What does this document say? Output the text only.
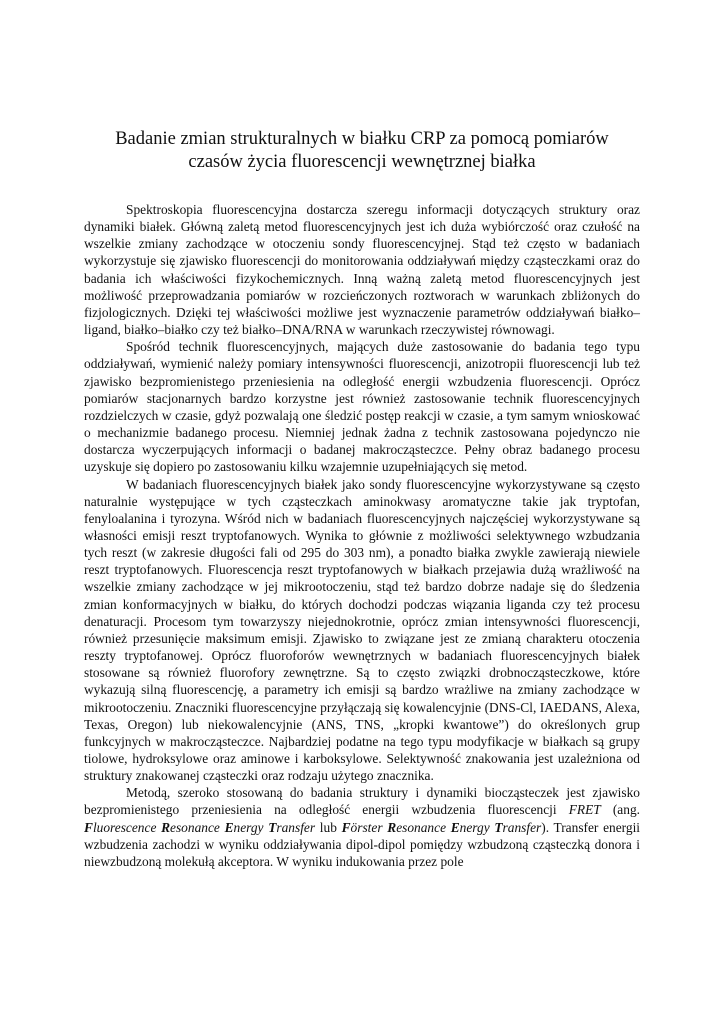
Badanie zmian strukturalnych w białku CRP za pomocą pomiarów
czasów życia fluorescencji wewnętrznej białka

Spektroskopia fluorescencyjna dostarcza szeregu informacji dotyczących struktury oraz dynamiki białek. Główną zaletą metod fluorescencyjnych jest ich duża wybiórczość oraz czułość na wszelkie zmiany zachodzące w otoczeniu sondy fluorescencyjnej. Stąd też często w badaniach wykorzystuje się zjawisko fluorescencji do monitorowania oddziaływań między cząsteczkami oraz do badania ich właściwości fizykochemicznych. Inną ważną zaletą metod fluorescencyjnych jest możliwość przeprowadzania pomiarów w rozcieńczonych roztworach w warunkach zbliżonych do fizjologicznych. Dzięki tej właściwości możliwe jest wyznaczenie parametrów oddziaływań białko–ligand, białko–białko czy też białko–DNA/RNA w warunkach rzeczywistej równowagi.

Spośród technik fluorescencyjnych, mających duże zastosowanie do badania tego typu oddziaływań, wymienić należy pomiary intensywności fluorescencji, anizotropii fluorescencji lub też zjawisko bezpromienistego przeniesienia na odległość energii wzbudzenia fluorescencji. Oprócz pomiarów stacjonarnych bardzo korzystne jest również zastosowanie technik fluorescencyjnych rozdzielczych w czasie, gdyż pozwalają one śledzić postęp reakcji w czasie, a tym samym wnioskować o mechanizmie badanego procesu. Niemniej jednak żadna z technik zastosowana pojedynczo nie dostarcza wyczerpujących informacji o badanej makrocząsteczce. Pełny obraz badanego procesu uzyskuje się dopiero po zastosowaniu kilku wzajemnie uzupełniających się metod.

W badaniach fluorescencyjnych białek jako sondy fluorescencyjne wykorzystywane są często naturalnie występujące w tych cząsteczkach aminokwasy aromatyczne takie jak tryptofan, fenyloalanina i tyrozyna. Wśród nich w badaniach fluorescencyjnych najczęściej wykorzystywane są własności emisji reszt tryptofanowych. Wynika to głównie z możliwości selektywnego wzbudzania tych reszt (w zakresie długości fali od 295 do 303 nm), a ponadto białka zwykle zawierają niewiele reszt tryptofanowych. Fluorescencja reszt tryptofanowych w białkach przejawia dużą wrażliwość na wszelkie zmiany zachodzące w jej mikrootoczeniu, stąd też bardzo dobrze nadaje się do śledzenia zmian konformacyjnych w białku, do których dochodzi podczas wiązania liganda czy też procesu denaturacji. Procesom tym towarzyszy niejednokrotnie, oprócz zmian intensywności fluorescencji, również przesunięcie maksimum emisji. Zjawisko to związane jest ze zmianą charakteru otoczenia reszty tryptofanowej. Oprócz fluoroforów wewnętrznych w badaniach fluorescencyjnych białek stosowane są również fluorofory zewnętrzne. Są to często związki drobnocząsteczkowe, które wykazują silną fluorescencję, a parametry ich emisji są bardzo wrażliwe na zmiany zachodzące w mikrootoczeniu. Znaczniki fluorescencyjne przyłączają się kowalencyjnie (DNS-Cl, IAEDANS, Alexa, Texas, Oregon) lub niekowalencyjnie (ANS, TNS, „kropki kwantowe”) do określonych grup funkcyjnych w makrocząsteczce. Najbardziej podatne na tego typu modyfikacje w białkach są grupy tiolowe, hydroksylowe oraz aminowe i karboksylowe. Selektywność znakowania jest uzależniona od struktury znakowanej cząsteczki oraz rodzaju użytego znacznika.

Metodą, szeroko stosowaną do badania struktury i dynamiki biocząsteczek jest zjawisko bezpromienistego przeniesienia na odległość energii wzbudzenia fluorescencji FRET (ang. Fluorescence Resonance Energy Transfer lub Förster Resonance Energy Transfer). Transfer energii wzbudzenia zachodzi w wyniku oddziaływania dipol-dipol pomiędzy wzbudzoną cząsteczką donora i niewzbudzoną molekułą akceptora. W wyniku indukowania przez pole
